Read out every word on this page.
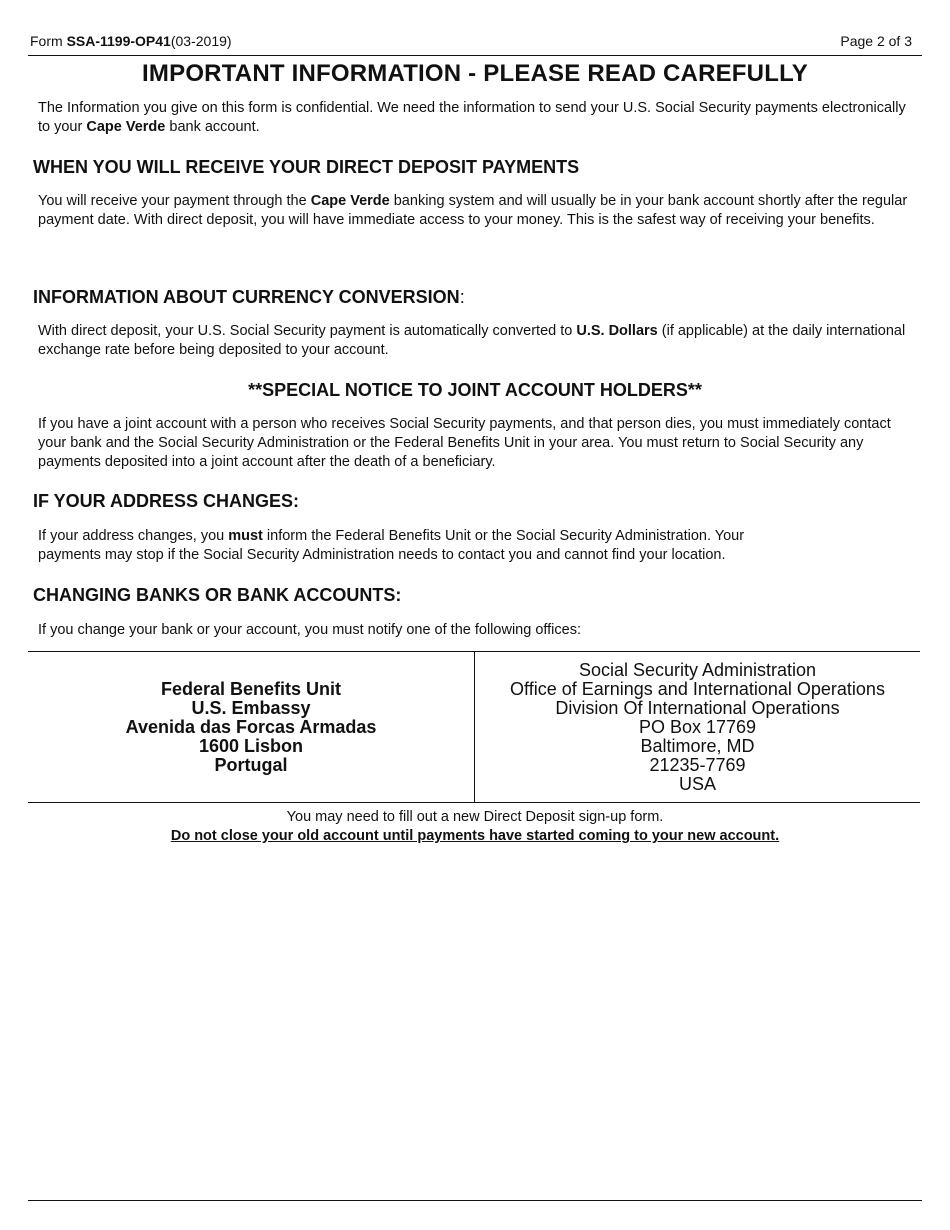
Form SSA-1199-OP41(03-2019)	Page 2 of 3
IMPORTANT INFORMATION - PLEASE READ CAREFULLY
The Information you give on this form is confidential. We need the information to send your U.S. Social Security payments electronically to your Cape Verde bank account.
WHEN YOU WILL RECEIVE YOUR DIRECT DEPOSIT PAYMENTS
You will receive your payment through the Cape Verde banking system and will usually be in your bank account shortly after the regular payment date. With direct deposit, you will have immediate access to your money. This is the safest way of receiving your benefits.
INFORMATION ABOUT CURRENCY CONVERSION:
With direct deposit, your U.S. Social Security payment is automatically converted to U.S. Dollars (if applicable) at the daily international exchange rate before being deposited to your account.
**SPECIAL NOTICE TO JOINT ACCOUNT HOLDERS**
If you have a joint account with a person who receives Social Security payments, and that person dies, you must immediately contact your bank and the Social Security Administration or the Federal Benefits Unit in your area. You must return to Social Security any payments deposited into a joint account after the death of a beneficiary.
IF YOUR ADDRESS CHANGES:
If your address changes, you must inform the Federal Benefits Unit or the Social Security Administration. Your
payments may stop if the Social Security Administration needs to contact you and cannot find your location.
CHANGING BANKS OR BANK ACCOUNTS:
If you change your bank or your account, you must notify one of the following offices:
Federal Benefits Unit
U.S. Embassy
Avenida das Forcas Armadas
1600 Lisbon
Portugal
Social Security Administration
Office of Earnings and International Operations
Division Of International Operations
PO Box 17769
Baltimore, MD
21235-7769
USA
You may need to fill out a new Direct Deposit sign-up form.
Do not close your old account until payments have started coming to your new account.
